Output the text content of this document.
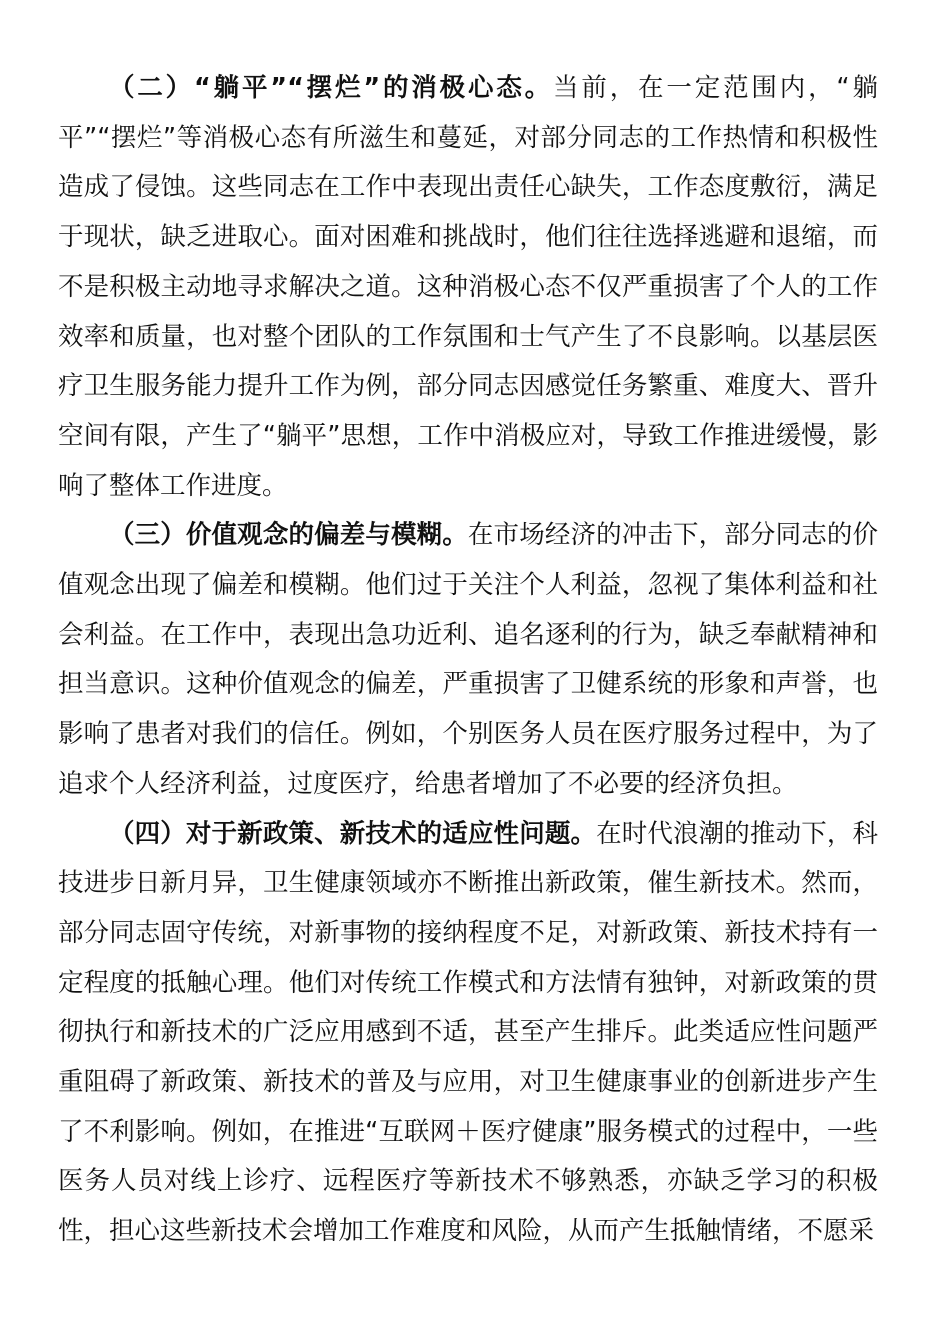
（二）“躺平”“摆烂”的消极心态。当前，在一定范围内，“躺平”“摆烂”等消极心态有所滋生和蔓延，对部分同志的工作热情和积极性造成了侵蚀。这些同志在工作中表现出责任心缺失，工作态度敷衍，满足于现状，缺乏进取心。面对困难和挑战时，他们往往选择逃避和退缩，而不是积极主动地寻求解决之道。这种消极心态不仅严重损害了个人的工作效率和质量，也对整个团队的工作氛围和士气产生了不良影响。以基层医疗卫生服务能力提升工作为例，部分同志因感觉任务繁重、难度大、晋升空间有限，产生了“躺平”思想，工作中消极应对，导致工作推进缓慢，影响了整体工作进度。

（三）价值观念的偏差与模糊。在市场经济的冲击下，部分同志的价值观念出现了偏差和模糊。他们过于关注个人利益，忽视了集体利益和社会利益。在工作中，表现出急功近利、追名逐利的行为，缺乏奉献精神和担当意识。这种价值观念的偏差，严重损害了卫健系统的形象和声誉，也影响了患者对我们的信任。例如，个别医务人员在医疗服务过程中，为了追求个人经济利益，过度医疗，给患者增加了不必要的经济负担。

（四）对于新政策、新技术的适应性问题。在时代浪潮的推动下，科技进步日新月异，卫生健康领域亦不断推出新政策，催生新技术。然而，部分同志固守传统，对新事物的接纳程度不足，对新政策、新技术持有一定程度的抵触心理。他们对传统工作模式和方法情有独钟，对新政策的贯彻执行和新技术的广泛应用感到不适，甚至产生排斥。此类适应性问题严重阻碍了新政策、新技术的普及与应用，对卫生健康事业的创新进步产生了不利影响。例如，在推进“互联网＋医疗健康”服务模式的过程中，一些医务人员对线上诊疗、远程医疗等新技术不够熟悉，亦缺乏学习的积极性，担心这些新技术会增加工作难度和风险，从而产生抵触情绪，不愿采
